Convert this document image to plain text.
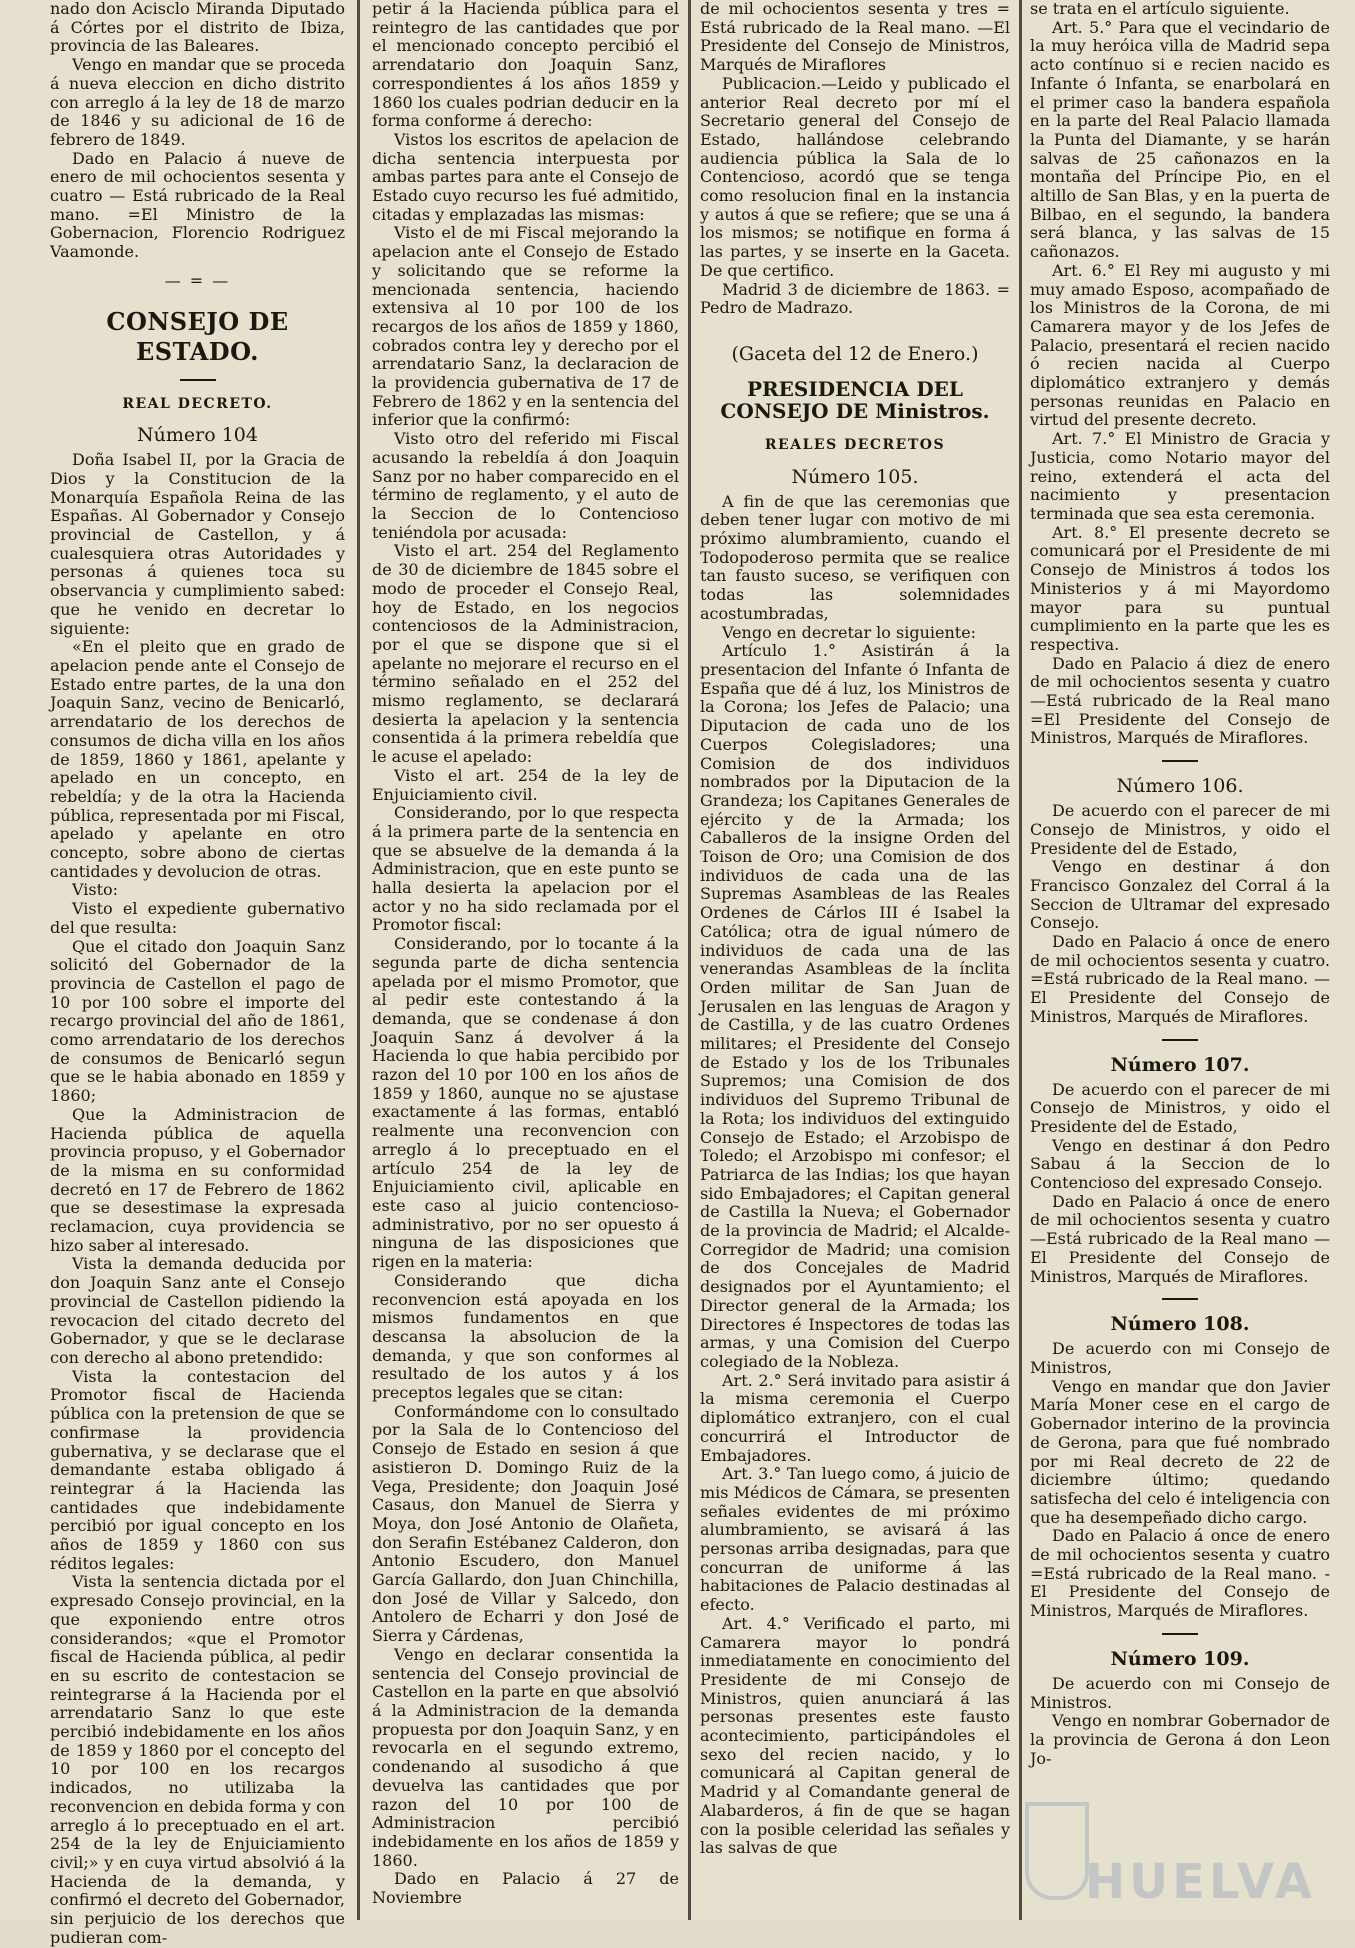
nado don Acisclo Miranda Diputado á Córtes por el distrito de Ibiza, provincia de las Baleares.

Vengo en mandar que se proceda á nueva eleccion en dicho distrito con arreglo á la ley de 18 de marzo de 1846 y su adicional de 16 de febrero de 1849.

Dado en Palacio á nueve de enero de mil ochocientos sesenta y cuatro — Está rubricado de la Real mano. =El Ministro de la Gobernacion, Florencio Rodriguez Vaamonde.

— = —
CONSEJO DE ESTADO.
REAL DECRETO.
Número 104

Doña Isabel II, por la Gracia de Dios y la Constitucion de la Monarquía Española Reina de las Españas. Al Gobernador y Consejo provincial de Castellon, y á cualesquiera otras Autoridades y personas á quienes toca su observancia y cumplimiento sabed: que he venido en decretar lo siguiente:

«En el pleito que en grado de apelacion pende ante el Consejo de Estado entre partes, de la una don Joaquin Sanz, vecino de Benicarló, arrendatario de los derechos de consumos de dicha villa en los años de 1859, 1860 y 1861, apelante y apelado en un concepto, en rebeldía; y de la otra la Hacienda pública, representada por mi Fiscal, apelado y apelante en otro concepto, sobre abono de ciertas cantidades y devolucion de otras.

Visto:

Visto el expediente gubernativo del que resulta:

Que el citado don Joaquin Sanz solicitó del Gobernador de la provincia de Castellon el pago de 10 por 100 sobre el importe del recargo provincial del año de 1861, como arrendatario de los derechos de consumos de Benicarló segun que se le habia abonado en 1859 y 1860;

Que la Administracion de Hacienda pública de aquella provincia propuso, y el Gobernador de la misma en su conformidad decretó en 17 de Febrero de 1862 que se desestimase la expresada reclamacion, cuya providencia se hizo saber al interesado.

Vista la demanda deducida por don Joaquin Sanz ante el Consejo provincial de Castellon pidiendo la revocacion del citado decreto del Gobernador, y que se le declarase con derecho al abono pretendido:

Vista la contestacion del Promotor fiscal de Hacienda pública con la pretension de que se confirmase la providencia gubernativa, y se declarase que el demandante estaba obligado á reintegrar á la Hacienda las cantidades que indebidamente percibió por igual concepto en los años de 1859 y 1860 con sus réditos legales:

Vista la sentencia dictada por el expresado Consejo provincial, en la que exponiendo entre otros considerandos; «que el Promotor fiscal de Hacienda pública, al pedir en su escrito de contestacion se reintegrarse á la Hacienda por el arrendatario Sanz lo que este percibió indebidamente en los años de 1859 y 1860 por el concepto del 10 por 100 en los recargos indicados, no utilizaba la reconvencion en debida forma y con arreglo á lo preceptuado en el art. 254 de la ley de Enjuiciamiento civil;» y en cuya virtud absolvió á la Hacienda de la demanda, y confirmó el decreto del Gobernador, sin perjuicio de los derechos que pudieran com-

petir á la Hacienda pública para el reintegro de las cantidades que por el mencionado concepto percibió el arrendatario don Joaquin Sanz, correspondientes á los años 1859 y 1860 los cuales podrian deducir en la forma conforme á derecho:

Vistos los escritos de apelacion de dicha sentencia interpuesta por ambas partes para ante el Consejo de Estado cuyo recurso les fué admitido, citadas y emplazadas las mismas:

Visto el de mi Fiscal mejorando la apelacion ante el Consejo de Estado y solicitando que se reforme la mencionada sentencia, haciendo extensiva al 10 por 100 de los recargos de los años de 1859 y 1860, cobrados contra ley y derecho por el arrendatario Sanz, la declaracion de la providencia gubernativa de 17 de Febrero de 1862 y en la sentencia del inferior que la confirmó:

Visto otro del referido mi Fiscal acusando la rebeldía á don Joaquin Sanz por no haber comparecido en el término de reglamento, y el auto de la Seccion de lo Contencioso teniéndola por acusada:

Visto el art. 254 del Reglamento de 30 de diciembre de 1845 sobre el modo de proceder el Consejo Real, hoy de Estado, en los negocios contenciosos de la Administracion, por el que se dispone que si el apelante no mejorare el recurso en el término señalado en el 252 del mismo reglamento, se declarará desierta la apelacion y la sentencia consentida á la primera rebeldía que le acuse el apelado:

Visto el art. 254 de la ley de Enjuiciamiento civil.

Considerando, por lo que respecta á la primera parte de la sentencia en que se absuelve de la demanda á la Administracion, que en este punto se halla desierta la apelacion por el actor y no ha sido reclamada por el Promotor fiscal:

Considerando, por lo tocante á la segunda parte de dicha sentencia apelada por el mismo Promotor, que al pedir este contestando á la demanda, que se condenase á don Joaquin Sanz á devolver á la Hacienda lo que habia percibido por razon del 10 por 100 en los años de 1859 y 1860, aunque no se ajustase exactamente á las formas, entabló realmente una reconvencion con arreglo á lo preceptuado en el artículo 254 de la ley de Enjuiciamiento civil, aplicable en este caso al juicio contencioso-administrativo, por no ser opuesto á ninguna de las disposiciones que rigen en la materia:

Considerando que dicha reconvencion está apoyada en los mismos fundamentos en que descansa la absolucion de la demanda, y que son conformes al resultado de los autos y á los preceptos legales que se citan:

Conformándome con lo consultado por la Sala de lo Contencioso del Consejo de Estado en sesion á que asistieron D. Domingo Ruiz de la Vega, Presidente; don Joaquin José Casaus, don Manuel de Sierra y Moya, don José Antonio de Olañeta, don Serafin Estébanez Calderon, don Antonio Escudero, don Manuel García Gallardo, don Juan Chinchilla, don José de Villar y Salcedo, don Antolero de Echarri y don José de Sierra y Cárdenas,

Vengo en declarar consentida la sentencia del Consejo provincial de Castellon en la parte en que absolvió á la Administracion de la demanda propuesta por don Joaquin Sanz, y en revocarla en el segundo extremo, condenando al susodicho á que devuelva las cantidades que por razon del 10 por 100 de Administracion percibió indebidamente en los años de 1859 y 1860.

Dado en Palacio á 27 de Noviembre

de mil ochocientos sesenta y tres = Está rubricado de la Real mano. —El Presidente del Consejo de Ministros, Marqués de Miraflores

Publicacion.—Leido y publicado el anterior Real decreto por mí el Secretario general del Consejo de Estado, hallándose celebrando audiencia pública la Sala de lo Contencioso, acordó que se tenga como resolucion final en la instancia y autos á que se refiere; que se una á los mismos; se notifique en forma á las partes, y se inserte en la Gaceta. De que certifico.

Madrid 3 de diciembre de 1863. = Pedro de Madrazo.

(Gaceta del 12 de Enero.)
PRESIDENCIA DEL CONSEJO DE Ministros.
REALES DECRETOS
Número 105.

A fin de que las ceremonias que deben tener lugar con motivo de mi próximo alumbramiento, cuando el Todopoderoso permita que se realice tan fausto suceso, se verifiquen con todas las solemnidades acostumbradas,

Vengo en decretar lo siguiente:

Artículo 1.° Asistirán á la presentacion del Infante ó Infanta de España que dé á luz, los Ministros de la Corona; los Jefes de Palacio; una Diputacion de cada uno de los Cuerpos Colegisladores; una Comision de dos individuos nombrados por la Diputacion de la Grandeza; los Capitanes Generales de ejército y de la Armada; los Caballeros de la insigne Orden del Toison de Oro; una Comision de dos individuos de cada una de las Supremas Asambleas de las Reales Ordenes de Cárlos III é Isabel la Católica; otra de igual número de individuos de cada una de las venerandas Asambleas de la ínclita Orden militar de San Juan de Jerusalen en las lenguas de Aragon y de Castilla, y de las cuatro Ordenes militares; el Presidente del Consejo de Estado y los de los Tribunales Supremos; una Comision de dos individuos del Supremo Tribunal de la Rota; los individuos del extinguido Consejo de Estado; el Arzobispo de Toledo; el Arzobispo mi confesor; el Patriarca de las Indias; los que hayan sido Embajadores; el Capitan general de Castilla la Nueva; el Gobernador de la provincia de Madrid; el Alcalde-Corregidor de Madrid; una comision de dos Concejales de Madrid designados por el Ayuntamiento; el Director general de la Armada; los Directores é Inspectores de todas las armas, y una Comision del Cuerpo colegiado de la Nobleza.

Art. 2.° Será invitado para asistir á la misma ceremonia el Cuerpo diplomático extranjero, con el cual concurrirá el Introductor de Embajadores.

Art. 3.° Tan luego como, á juicio de mis Médicos de Cámara, se presenten señales evidentes de mi próximo alumbramiento, se avisará á las personas arriba designadas, para que concurran de uniforme á las habitaciones de Palacio destinadas al efecto.

Art. 4.° Verificado el parto, mi Camarera mayor lo pondrá inmediatamente en conocimiento del Presidente de mi Consejo de Ministros, quien anunciará á las personas presentes este fausto acontecimiento, participándoles el sexo del recien nacido, y lo comunicará al Capitan general de Madrid y al Comandante general de Alabarderos, á fin de que se hagan con la posible celeridad las señales y las salvas de que

se trata en el artículo siguiente.

Art. 5.° Para que el vecindario de la muy heróica villa de Madrid sepa acto contínuo si e recien nacido es Infante ó Infanta, se enarbolará en el primer caso la bandera española en la parte del Real Palacio llamada la Punta del Diamante, y se harán salvas de 25 cañonazos en la montaña del Príncipe Pio, en el altillo de San Blas, y en la puerta de Bilbao, en el segundo, la bandera será blanca, y las salvas de 15 cañonazos.

Art. 6.° El Rey mi augusto y mi muy amado Esposo, acompañado de los Ministros de la Corona, de mi Camarera mayor y de los Jefes de Palacio, presentará el recien nacido ó recien nacida al Cuerpo diplomático extranjero y demás personas reunidas en Palacio en virtud del presente decreto.

Art. 7.° El Ministro de Gracia y Justicia, como Notario mayor del reino, extenderá el acta del nacimiento y presentacion terminada que sea esta ceremonia.

Art. 8.° El presente decreto se comunicará por el Presidente de mi Consejo de Ministros á todos los Ministerios y á mi Mayordomo mayor para su puntual cumplimiento en la parte que les es respectiva.

Dado en Palacio á diez de enero de mil ochocientos sesenta y cuatro —Está rubricado de la Real mano =El Presidente del Consejo de Ministros, Marqués de Miraflores.

Número 106.

De acuerdo con el parecer de mi Consejo de Ministros, y oido el Presidente del de Estado,

Vengo en destinar á don Francisco Gonzalez del Corral á la Seccion de Ultramar del expresado Consejo.

Dado en Palacio á once de enero de mil ochocientos sesenta y cuatro. =Está rubricado de la Real mano. —El Presidente del Consejo de Ministros, Marqués de Miraflores.

Número 107.

De acuerdo con el parecer de mi Consejo de Ministros, y oido el Presidente del de Estado,

Vengo en destinar á don Pedro Sabau á la Seccion de lo Contencioso del expresado Consejo.

Dado en Palacio á once de enero de mil ochocientos sesenta y cuatro —Está rubricado de la Real mano —El Presidente del Consejo de Ministros, Marqués de Miraflores.

Número 108.

De acuerdo con mi Consejo de Ministros,

Vengo en mandar que don Javier María Moner cese en el cargo de Gobernador interino de la provincia de Gerona, para que fué nombrado por mi Real decreto de 22 de diciembre último; quedando satisfecha del celo é inteligencia con que ha desempeñado dicho cargo.

Dado en Palacio á once de enero de mil ochocientos sesenta y cuatro =Está rubricado de la Real mano. -El Presidente del Consejo de Ministros, Marqués de Miraflores.

Número 109.

De acuerdo con mi Consejo de Ministros.

Vengo en nombrar Gobernador de la provincia de Gerona á don Leon Jo-

HUELVA
